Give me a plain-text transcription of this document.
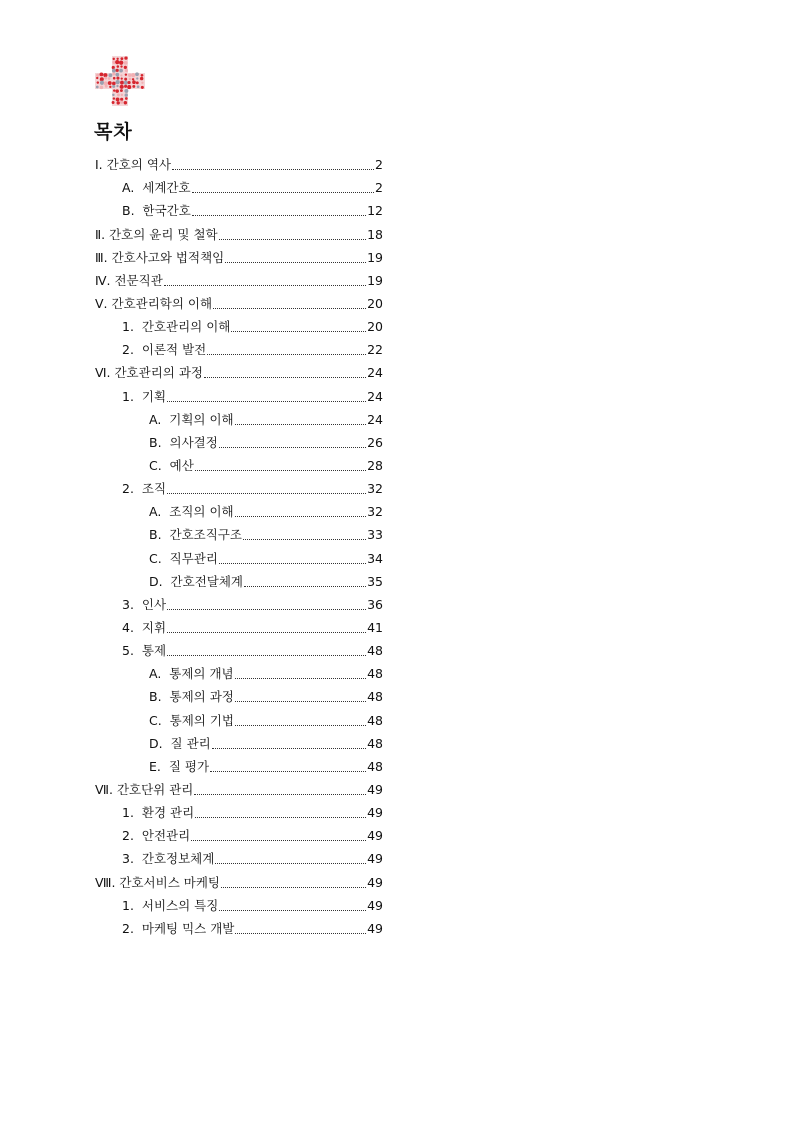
목차
Ⅰ. 간호의 역사	2
A.  세계간호	2
B.  한국간호	12
Ⅱ. 간호의 윤리 및 철학	18
Ⅲ. 간호사고와 법적책임	19
Ⅳ. 전문직관	19
Ⅴ. 간호관리학의 이해	20
1.  간호관리의 이해	20
2.  이론적 발전	22
Ⅵ. 간호관리의 과정	24
1.  기획	24
A.  기획의 이해	24
B.  의사결정	26
C.  예산	28
2.  조직	32
A.  조직의 이해	32
B.  간호조직구조	33
C.  직무관리	34
D.  간호전달체계	35
3.  인사	36
4.  지휘	41
5.  통제	48
A.  통제의 개념	48
B.  통제의 과정	48
C.  통제의 기법	48
D.  질 관리	48
E.  질 평가	48
Ⅶ. 간호단위 관리	49
1.  환경 관리	49
2.  안전관리	49
3.  간호정보체계	49
Ⅷ. 간호서비스 마케팅	49
1.  서비스의 특징	49
2.  마케팅 믹스 개발	49
